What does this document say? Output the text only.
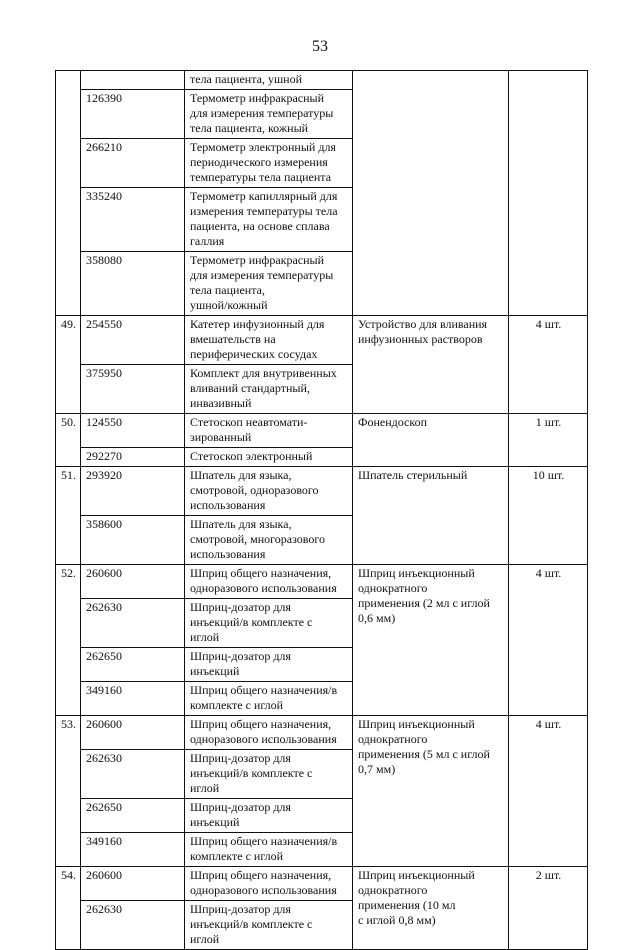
53
		тела пациента, ушной		
	126390	Термометр инфракрасный
для измерения температуры
тела пациента, кожный		
	266210	Термометр электронный для
периодического измерения
температуры тела пациента		
	335240	Термометр капиллярный для
измерения температуры тела
пациента, на основе сплава
галлия		
	358080	Термометр инфракрасный
для измерения температуры
тела пациента,
ушной/кожный		
49.	254550	Катетер инфузионный для
вмешательств на
периферических сосудах	Устройство для вливания
инфузионных растворов	4 шт.
	375950	Комплект для внутривенных
вливаний стандартный,
инвазивный		
50.	124550	Стетоскоп неавтомати-
зированный	Фонендоскоп	1 шт.
	292270	Стетоскоп электронный		
51.	293920	Шпатель для языка,
смотровой, одноразового
использования	Шпатель стерильный	10 шт.
	358600	Шпатель для языка,
смотровой, многоразового
использования		
52.	260600	Шприц общего назначения,
одноразового использования	Шприц инъекционный
однократного
применения (2 мл с иглой
0,6 мм)	4 шт.
	262630	Шприц-дозатор для
инъекций/в комплекте с
иглой		
	262650	Шприц-дозатор для
инъекций		
	349160	Шприц общего назначения/в
комплекте с иглой		
53.	260600	Шприц общего назначения,
одноразового использования	Шприц инъекционный
однократного
применения (5 мл с иглой
0,7 мм)	4 шт.
	262630	Шприц-дозатор для
инъекций/в комплекте с
иглой		
	262650	Шприц-дозатор для
инъекций		
	349160	Шприц общего назначения/в
комплекте с иглой		
54.	260600	Шприц общего назначения,
одноразового использования	Шприц инъекционный
однократного
применения (10 мл
с иглой 0,8 мм)	2 шт.
	262630	Шприц-дозатор для
инъекций/в комплекте с
иглой		
